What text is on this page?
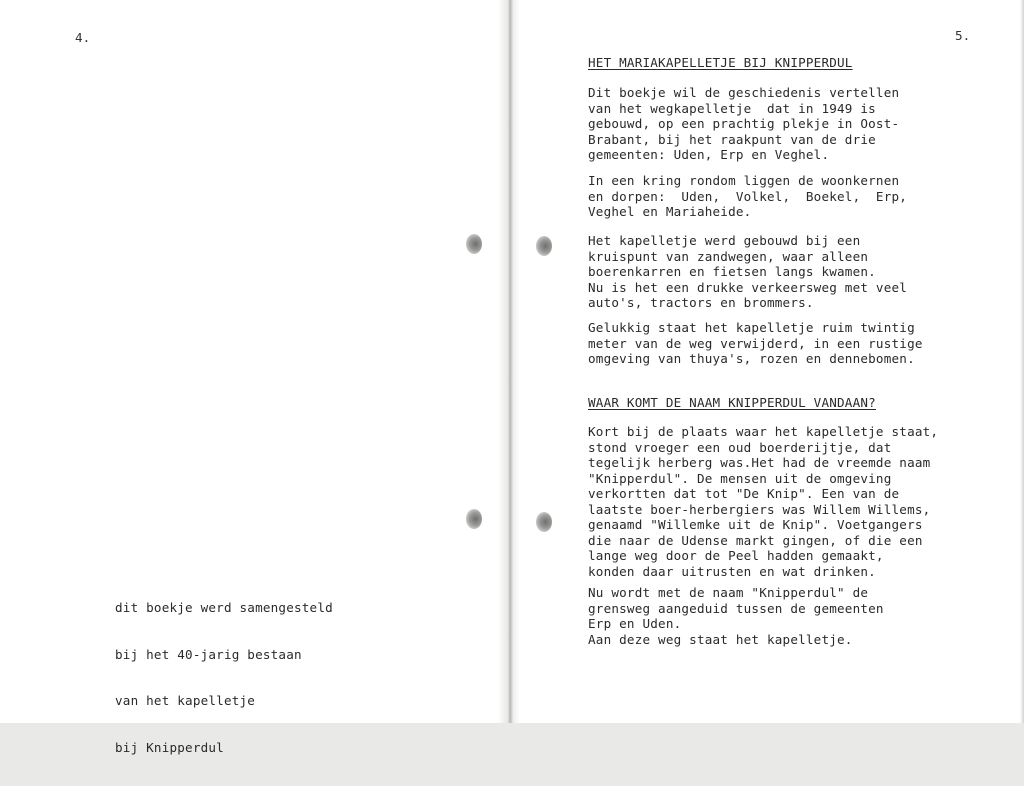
4.

dit boekje werd samengesteld

bij het 40-jarig bestaan

van het kapelletje

bij Knipperdul

5.

HET MARIAKAPELLETJE BIJ KNIPPERDUL

Dit boekje wil de geschiedenis vertellen
van het wegkapelletje  dat in 1949 is
gebouwd, op een prachtig plekje in Oost-
Brabant, bij het raakpunt van de drie
gemeenten: Uden, Erp en Veghel.

In een kring rondom liggen de woonkernen
en dorpen:  Uden,  Volkel,  Boekel,  Erp,
Veghel en Mariaheide.

Het kapelletje werd gebouwd bij een
kruispunt van zandwegen, waar alleen
boerenkarren en fietsen langs kwamen.
Nu is het een drukke verkeersweg met veel
auto's, tractors en brommers.

Gelukkig staat het kapelletje ruim twintig
meter van de weg verwijderd, in een rustige
omgeving van thuya's, rozen en dennebomen.

WAAR KOMT DE NAAM KNIPPERDUL VANDAAN?

Kort bij de plaats waar het kapelletje staat,
stond vroeger een oud boerderijtje, dat
tegelijk herberg was.Het had de vreemde naam
"Knipperdul". De mensen uit de omgeving
verkortten dat tot "De Knip". Een van de
laatste boer-herbergiers was Willem Willems,
genaamd "Willemke uit de Knip". Voetgangers
die naar de Udense markt gingen, of die een
lange weg door de Peel hadden gemaakt,
konden daar uitrusten en wat drinken.

Nu wordt met de naam "Knipperdul" de
grensweg aangeduid tussen de gemeenten
Erp en Uden.
Aan deze weg staat het kapelletje.
